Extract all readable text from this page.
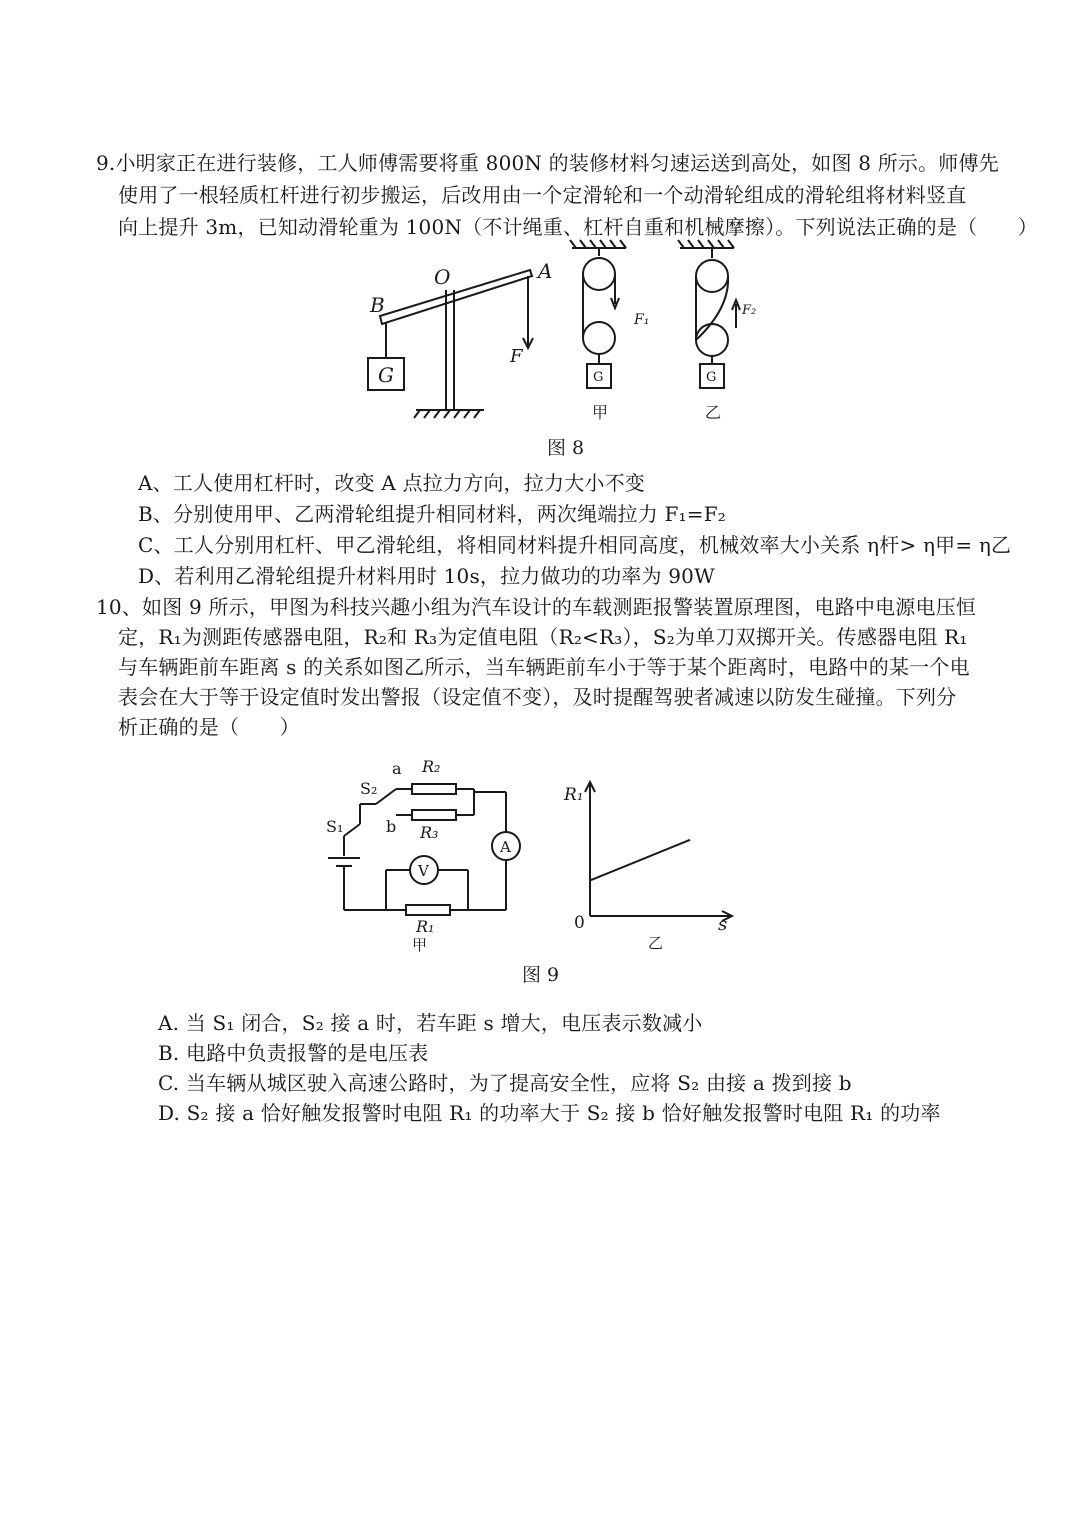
9.小明家正在进行装修，工人师傅需要将重 800N 的装修材料匀速运送到高处，如图 8 所示。师傅先
使用了一根轻质杠杆进行初步搬运，后改用由一个定滑轮和一个动滑轮组成的滑轮组将材料竖直
向上提升 3m，已知动滑轮重为 100N（不计绳重、杠杆自重和机械摩擦）。下列说法正确的是（　　）
O	A
B
F
G
F₁
G
甲
F₂
G
乙
图 8
A、工人使用杠杆时，改变 A 点拉力方向，拉力大小不变
B、分别使用甲、乙两滑轮组提升相同材料，两次绳端拉力 F₁=F₂
C、工人分别用杠杆、甲乙滑轮组，将相同材料提升相同高度，机械效率大小关系 η杆> η甲= η乙
D、若利用乙滑轮组提升材料用时 10s，拉力做功的功率为 90W
10、如图 9 所示，甲图为科技兴趣小组为汽车设计的车载测距报警装置原理图，电路中电源电压恒
定，R₁为测距传感器电阻，R₂和 R₃为定值电阻（R₂<R₃），S₂为单刀双掷开关。传感器电阻 R₁
与车辆距前车距离 s 的关系如图乙所示，当车辆距前车小于等于某个距离时，电路中的某一个电
表会在大于等于设定值时发出警报（设定值不变），及时提醒驾驶者减速以防发生碰撞。下列分
析正确的是（　　）
a R₂
S₂
b R₃
S₁
A
V
R₁
甲
R₁
0	s
乙
图 9
A. 当 S₁ 闭合，S₂ 接 a 时，若车距 s 增大，电压表示数减小
B. 电路中负责报警的是电压表
C. 当车辆从城区驶入高速公路时，为了提高安全性，应将 S₂ 由接 a 拨到接 b
D. S₂ 接 a 恰好触发报警时电阻 R₁ 的功率大于 S₂ 接 b 恰好触发报警时电阻 R₁ 的功率
